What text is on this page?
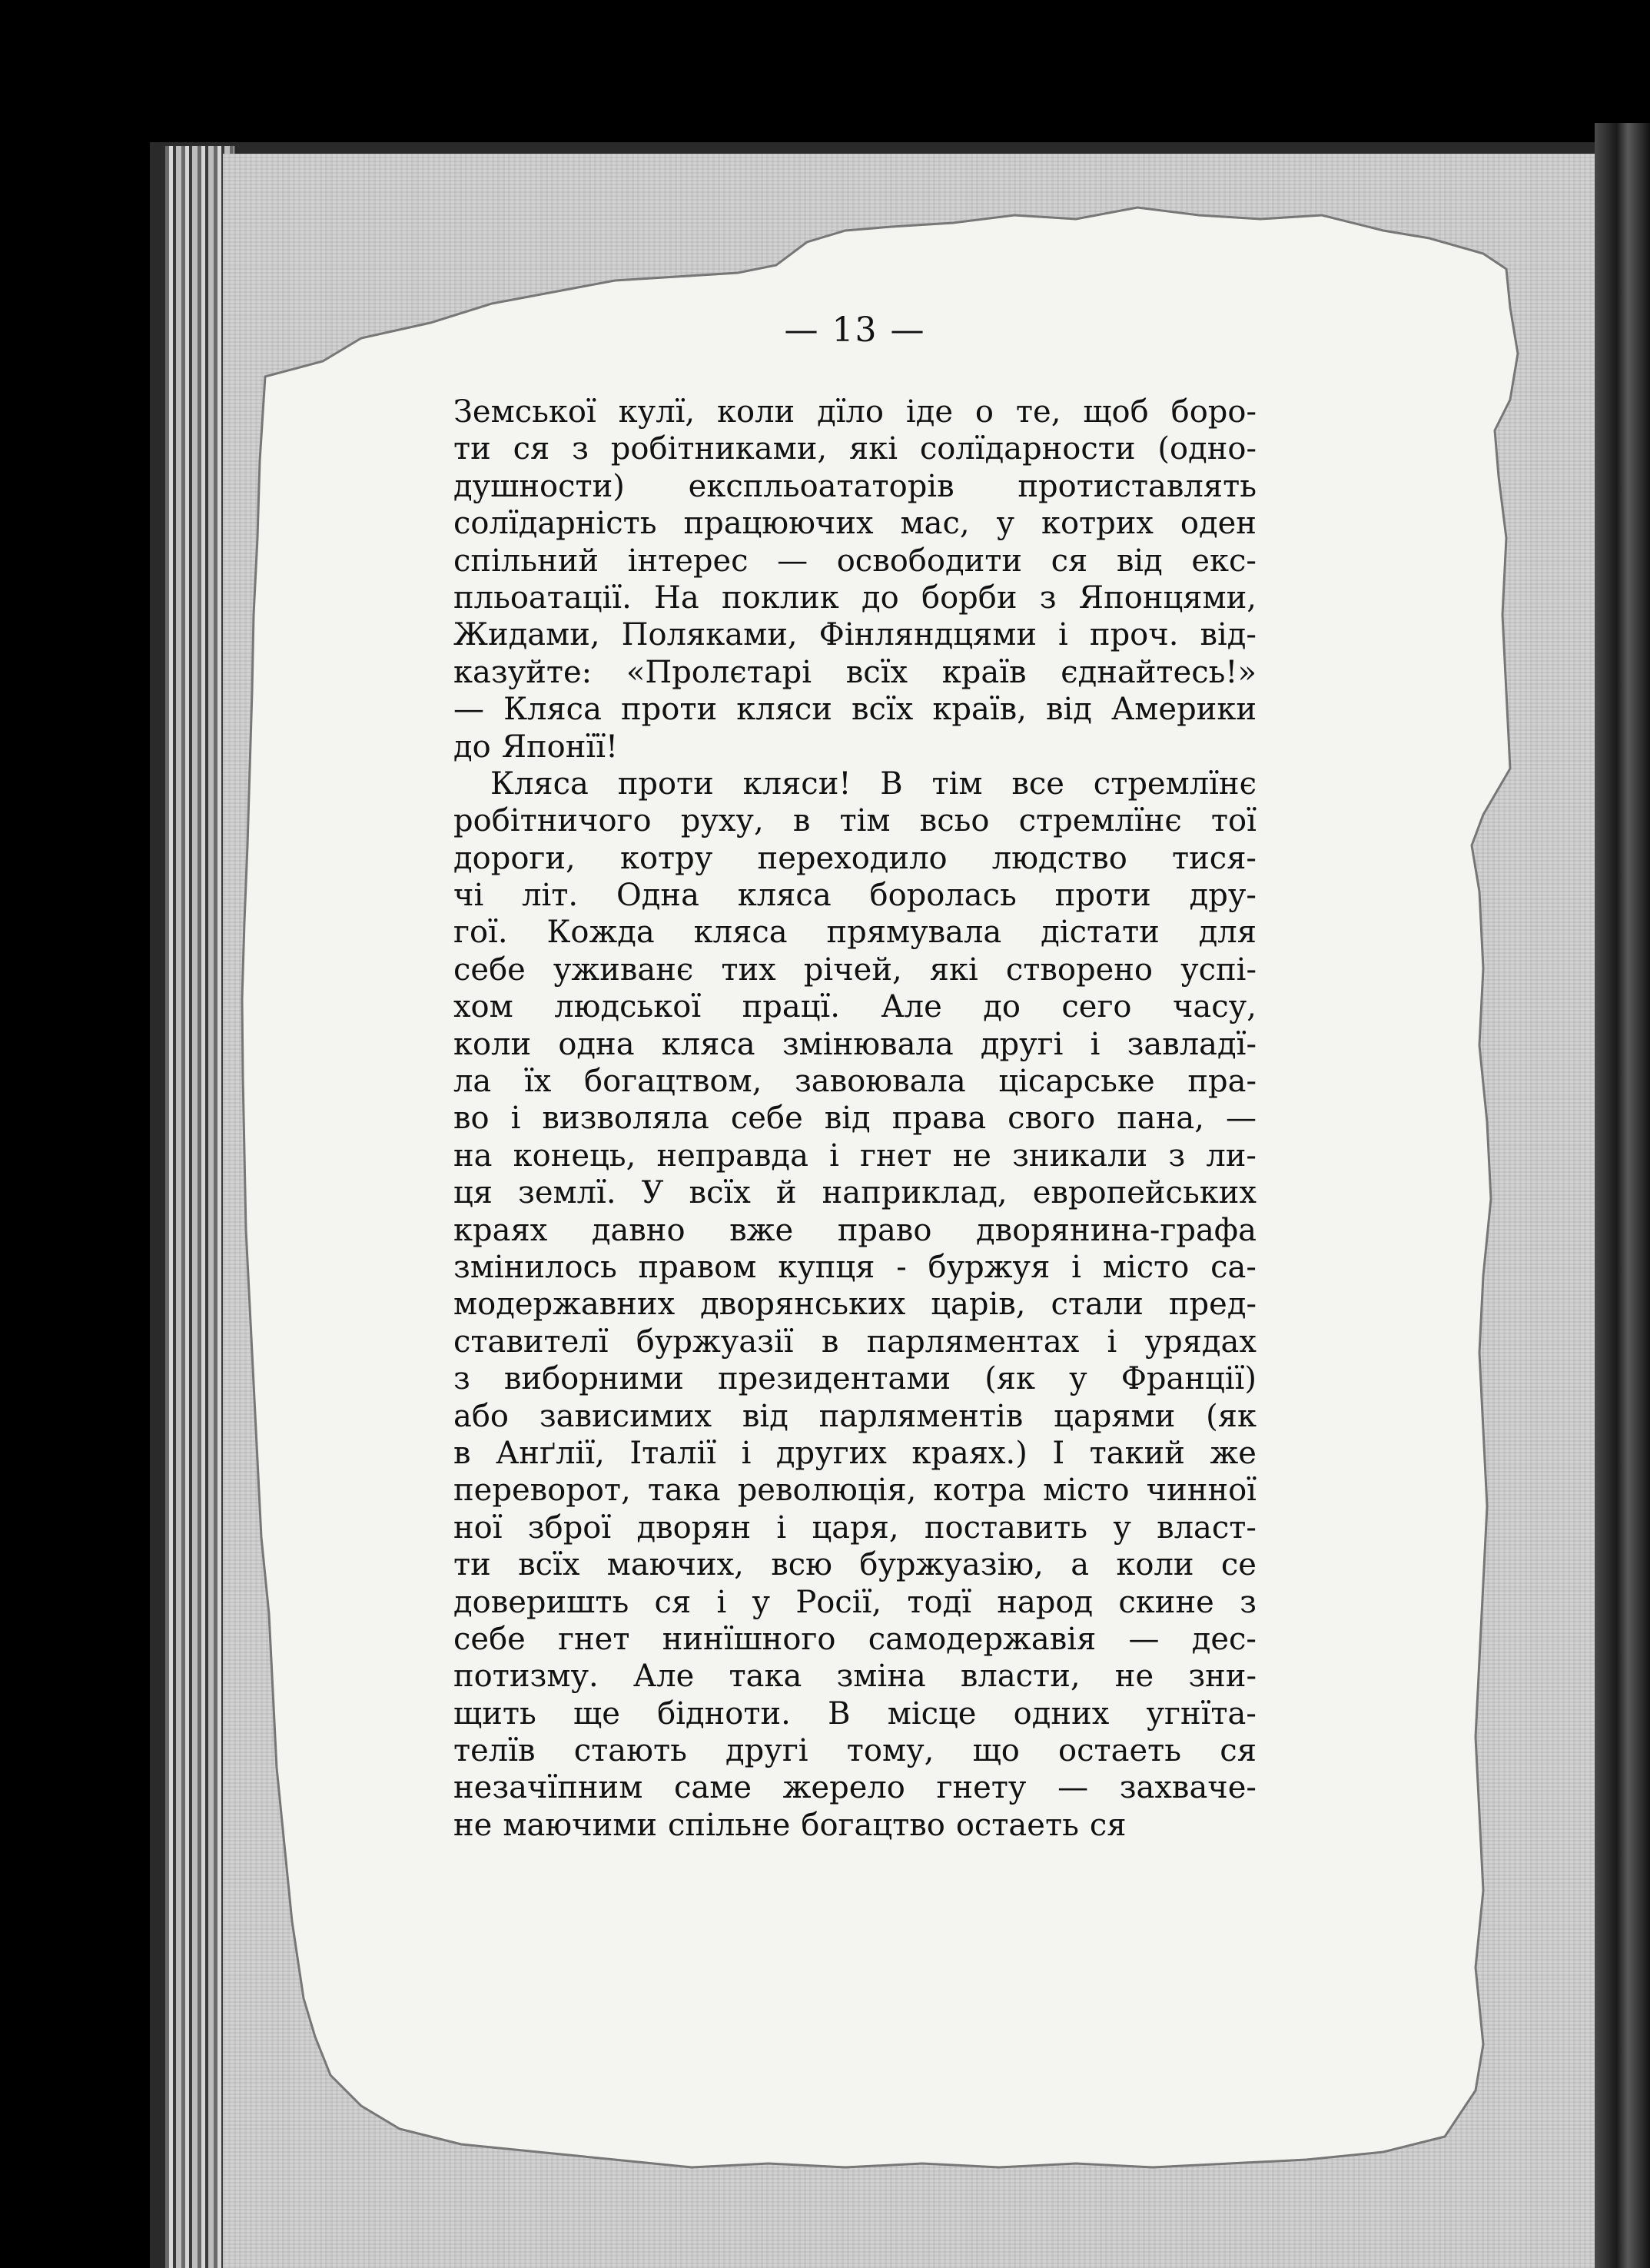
— 13 —
Земської кулї, коли дїло іде о те, щоб боро-
ти ся з робітниками, які солїдарности (одно-
душности) експльоататорів протиставлять
солїдарність працюючих мас, у котрих оден
спільний інтерес — освободити ся від екс-
пльоатації. На поклик до борби з Японцями,
Жидами, Поляками, Фінляндцями і проч. від-
казуйте: «Пролєтарі всїх країв єднайтесь!»
— Кляса проти кляси всїх країв, від Америки
до Японїї!
Кляса проти кляси! В тім все стремлїнє
робітничого руху, в тім всьо стремлїнє тої
дороги, котру переходило людство тися-
чі літ. Одна кляса боролась проти дру-
гої. Кожда кляса прямувала дістати для
себе уживанє тих річей, які створено успі-
хом людської працї. Але до сего часу,
коли одна кляса змінювала другі і завладї-
ла їх богацтвом, завоювала цісарське пра-
во і визволяла себе від права свого пана, —
на конець, неправда і гнет не зникали з ли-
ця землї. У всїх й наприклад, европейських
краях давно вже право дворянина-графа
змінилось правом купця - буржуя і місто са-
модержавних дворянських царів, стали пред-
ставителї буржуазії в парляментах і урядах
з вибoрними президентами (як у Франції)
або зависимих від парляментів царями (як
в Анґлії, Італії і других краях.) І такий же
переворот, така революція, котра місто чинної
ної зброї дворян і царя, поставить у власт-
ти всїх маючих, всю буржуазію, а коли се
доверишть ся і у Росії, тодї народ скине з
себе гнет нинїшного самодержавія — дес-
потизму. Але така зміна власти, не зни-
щить ще бідноти. В місце одних угнїта-
телїв стають другі тому, що остаеть ся
незачїпним саме жерело гнету — захваче-
не маючими спільне богацтво остаеть ся
